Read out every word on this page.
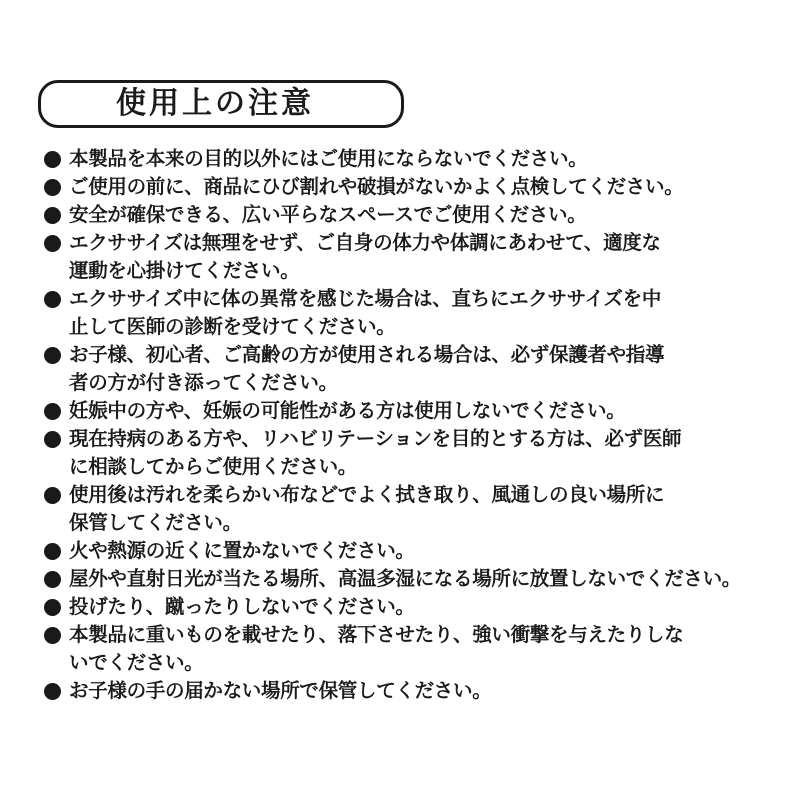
使用上の注意
本製品を本来の目的以外にはご使用にならないでください。
ご使用の前に、商品にひび割れや破損がないかよく点検してください。
安全が確保できる、広い平らなスペースでご使用ください。
エクササイズは無理をせず、ご自身の体力や体調にあわせて、適度な
運動を心掛けてください。
エクササイズ中に体の異常を感じた場合は、直ちにエクササイズを中
止して医師の診断を受けてください。
お子様、初心者、ご高齢の方が使用される場合は、必ず保護者や指導
者の方が付き添ってください。
妊娠中の方や、妊娠の可能性がある方は使用しないでください。
現在持病のある方や、リハビリテーションを目的とする方は、必ず医師
に相談してからご使用ください。
使用後は汚れを柔らかい布などでよく拭き取り、風通しの良い場所に
保管してください。
火や熱源の近くに置かないでください。
屋外や直射日光が当たる場所、高温多湿になる場所に放置しないでください。
投げたり、蹴ったりしないでください。
本製品に重いものを載せたり、落下させたり、強い衝撃を与えたりしな
いでください。
お子様の手の届かない場所で保管してください。
